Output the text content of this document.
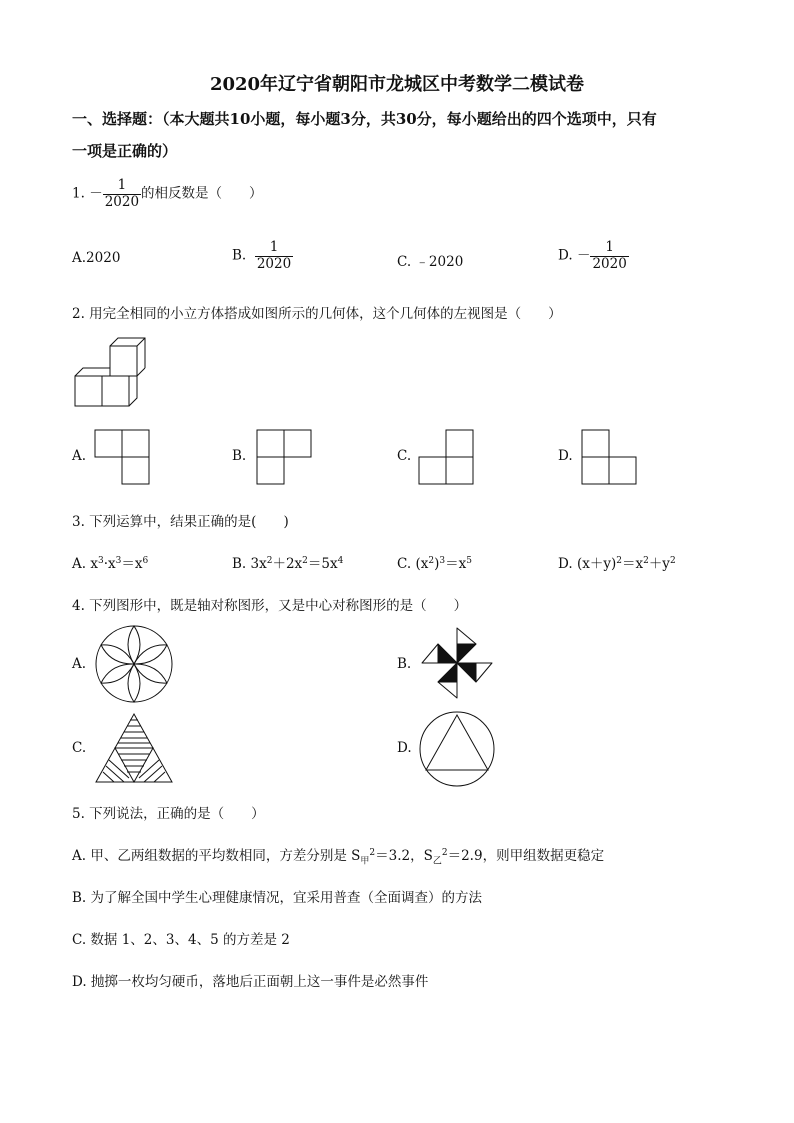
2020年辽宁省朝阳市龙城区中考数学二模试卷
一、选择题：（本大题共10小题，每小题3分，共30分，每小题给出的四个选项中，只有
一项是正确的）
1. － $\frac{1}{2020}$ 的相反数是（　　）
A.2020	B. $\frac{1}{2020}$	C. ﹣2020	D. － $\frac{1}{2020}$
2. 用完全相同的小立方体搭成如图所示的几何体，这个几何体的左视图是（　　）
A.	B.	C.	D.
3. 下列运算中，结果正确的是(　　)
A. $x^3\cdot x^3=x^6$	B. $3x^2+2x^2=5x^4$	C. $(x^2)^3=x^5$	D. $(x+y)^2=x^2+y^2$
4. 下列图形中，既是轴对称图形，又是中心对称图形的是（　　）
A.	B.
C.	D.
5. 下列说法，正确的是（　　）
A. 甲、乙两组数据的平均数相同，方差分别是 $S_甲^2=3.2$，$S_乙^2=2.9$，则甲组数据更稳定
B. 为了解全国中学生心理健康情况，宜采用普查（全面调查）的方法
C. 数据 1、2、3、4、5 的方差是 2
D. 抛掷一枚均匀硬币，落地后正面朝上这一事件是必然事件
